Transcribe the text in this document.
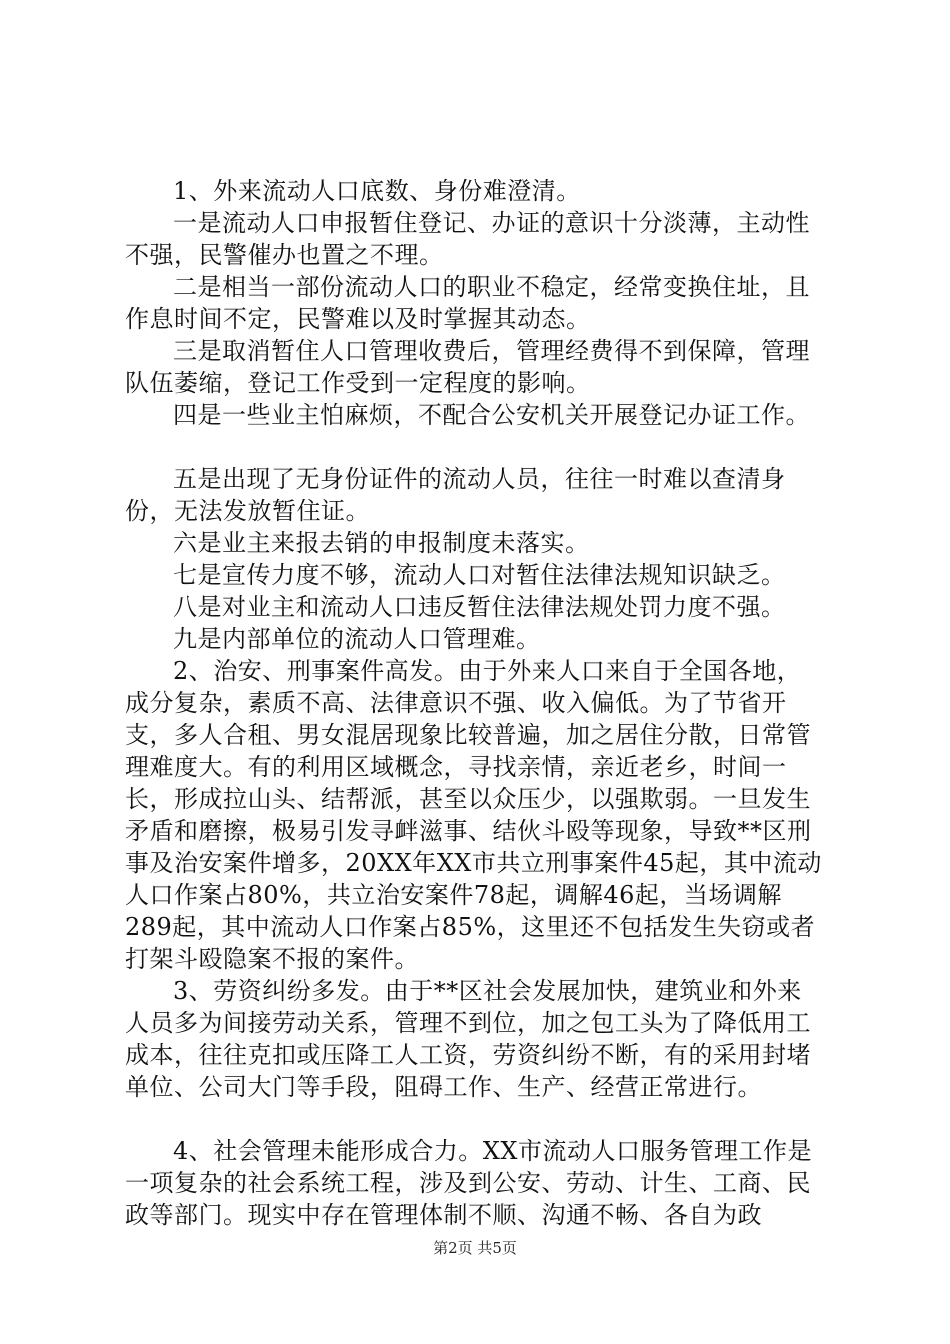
1、外来流动人口底数、身份难澄清。

一是流动人口申报暂住登记、办证的意识十分淡薄，主动性不强，民警催办也置之不理。

二是相当一部份流动人口的职业不稳定，经常变换住址，且作息时间不定，民警难以及时掌握其动态。

三是取消暂住人口管理收费后，管理经费得不到保障，管理队伍萎缩，登记工作受到一定程度的影响。

四是一些业主怕麻烦，不配合公安机关开展登记办证工作。

五是出现了无身份证件的流动人员，往往一时难以查清身份，无法发放暂住证。

六是业主来报去销的申报制度未落实。

七是宣传力度不够，流动人口对暂住法律法规知识缺乏。

八是对业主和流动人口违反暂住法律法规处罚力度不强。

九是内部单位的流动人口管理难。

2、治安、刑事案件高发。由于外来人口来自于全国各地，成分复杂，素质不高、法律意识不强、收入偏低。为了节省开支，多人合租、男女混居现象比较普遍，加之居住分散，日常管理难度大。有的利用区域概念，寻找亲情，亲近老乡，时间一长，形成拉山头、结帮派，甚至以众压少，以强欺弱。一旦发生矛盾和磨擦，极易引发寻衅滋事、结伙斗殴等现象，导致**区刑事及治安案件增多，20XX年XX市共立刑事案件45起，其中流动人口作案占80%，共立治安案件78起，调解46起，当场调解289起，其中流动人口作案占85%，这里还不包括发生失窃或者打架斗殴隐案不报的案件。

3、劳资纠纷多发。由于**区社会发展加快，建筑业和外来人员多为间接劳动关系，管理不到位，加之包工头为了降低用工成本，往往克扣或压降工人工资，劳资纠纷不断，有的采用封堵单位、公司大门等手段，阻碍工作、生产、经营正常进行。

4、社会管理未能形成合力。XX市流动人口服务管理工作是一项复杂的社会系统工程，涉及到公安、劳动、计生、工商、民政等部门。现实中存在管理体制不顺、沟通不畅、各自为政

第2页 共5页
